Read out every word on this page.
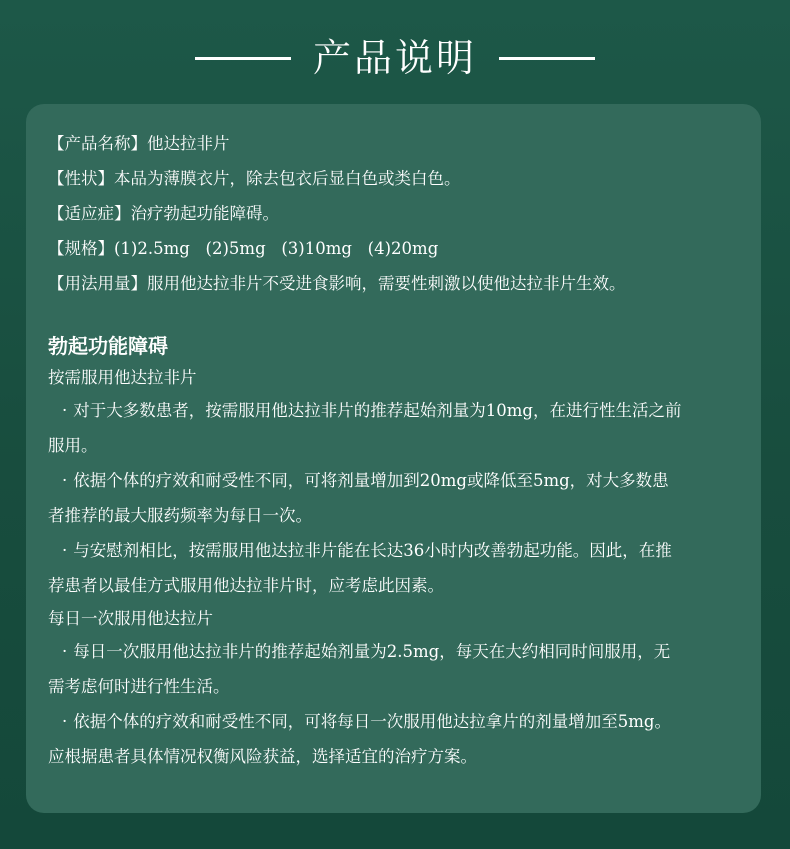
产品说明
【产品名称】他达拉非片
【性状】本品为薄膜衣片，除去包衣后显白色或类白色。
【适应症】治疗勃起功能障碍。
【规格】(1)2.5mg   (2)5mg   (3)10mg   (4)20mg
【用法用量】服用他达拉非片不受进食影响，需要性刺激以使他达拉非片生效。
勃起功能障碍
按需服用他达拉非片
· 对于大多数患者，按需服用他达拉非片的推荐起始剂量为10mg，在进行性生活之前
服用。
· 依据个体的疗效和耐受性不同，可将剂量增加到20mg或降低至5mg，对大多数患
者推荐的最大服药频率为每日一次。
· 与安慰剂相比，按需服用他达拉非片能在长达36小时内改善勃起功能。因此，在推
荐患者以最佳方式服用他达拉非片时，应考虑此因素。
每日一次服用他达拉片
· 每日一次服用他达拉非片的推荐起始剂量为2.5mg，每天在大约相同时间服用，无
需考虑何时进行性生活。
· 依据个体的疗效和耐受性不同，可将每日一次服用他达拉拿片的剂量增加至5mg。
应根据患者具体情况权衡风险获益，选择适宜的治疗方案。
